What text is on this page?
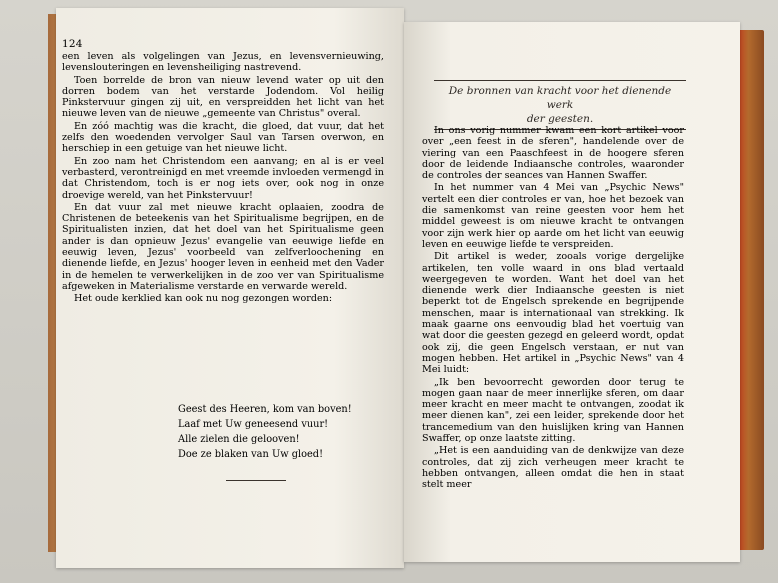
124

een leven als volgelingen van Jezus, en levensvernieuwing, levenslouteringen en levensheiliging nastrevend.

Toen borrelde de bron van nieuw levend water op uit den dorren bodem van het verstarde Jodendom. Vol heilig Pinkstervuur gingen zij uit, en verspreidden het licht van het nieuwe leven van de nieuwe „gemeente van Christus" overal.

En zóó machtig was die kracht, die gloed, dat vuur, dat het zelfs den woedenden vervolger Saul van Tarsen overwon, en herschiep in een getuige van het nieuwe licht.

En zoo nam het Christendom een aanvang; en al is er veel verbasterd, verontreinigd en met vreemde invloeden vermengd in dat Christendom, toch is er nog iets over, ook nog in onze droevige wereld, van het Pinkstervuur!

En dat vuur zal met nieuwe kracht oplaaien, zoodra de Christenen de beteekenis van het Spiritualisme begrijpen, en de Spiritualisten inzien, dat het doel van het Spiritualisme geen ander is dan opnieuw Jezus' evangelie van eeuwige liefde en eeuwig leven, Jezus' voorbeeld van zelfverloochening en dienende liefde, en Jezus' hooger leven in eenheid met den Vader in de hemelen te verwerkelijken in de zoo ver van Spiritualisme afgeweken in Materialisme verstarde en verwarde wereld.

Het oude kerklied kan ook nu nog gezongen worden:

Geest des Heeren, kom van boven!
Laaf met Uw geneesend vuur!
Alle zielen die gelooven!
Doe ze blaken van Uw gloed!
De bronnen van kracht voor het dienende werk
der geesten.

In ons vorig nummer kwam een kort artikel voor over „een feest in de sferen", handelende over de viering van een Paaschfeest in de hoogere sferen door de leidende Indiaansche controles, waaronder de controles der seances van Hannen Swaffer.

In het nummer van 4 Mei van „Psychic News" vertelt een dier controles er van, hoe het bezoek van die samenkomst van reine geesten voor hem het middel geweest is om nieuwe kracht te ontvangen voor zijn werk hier op aarde om het licht van eeuwig leven en eeuwige liefde te verspreiden.

Dit artikel is weder, zooals vorige dergelijke artikelen, ten volle waard in ons blad vertaald weergegeven te worden. Want het doel van het dienende werk dier Indiaansche geesten is niet beperkt tot de Engelsch sprekende en begrijpende menschen, maar is internationaal van strekking. Ik maak gaarne ons eenvoudig blad het voertuig van wat door die geesten gezegd en geleerd wordt, opdat ook zij, die geen Engelsch verstaan, er nut van mogen hebben. Het artikel in „Psychic News" van 4 Mei luidt:

„Ik ben bevoorrecht geworden door terug te mogen gaan naar de meer innerlijke sferen, om daar meer kracht en meer macht te ontvangen, zoodat ik meer dienen kan", zei een leider, sprekende door het trancemedium van den huislijken kring van Hannen Swaffer, op onze laatste zitting.

„Het is een aanduiding van de denkwijze van deze controles, dat zij zich verheugen meer kracht te hebben ontvangen, alleen omdat die hen in staat stelt meer
